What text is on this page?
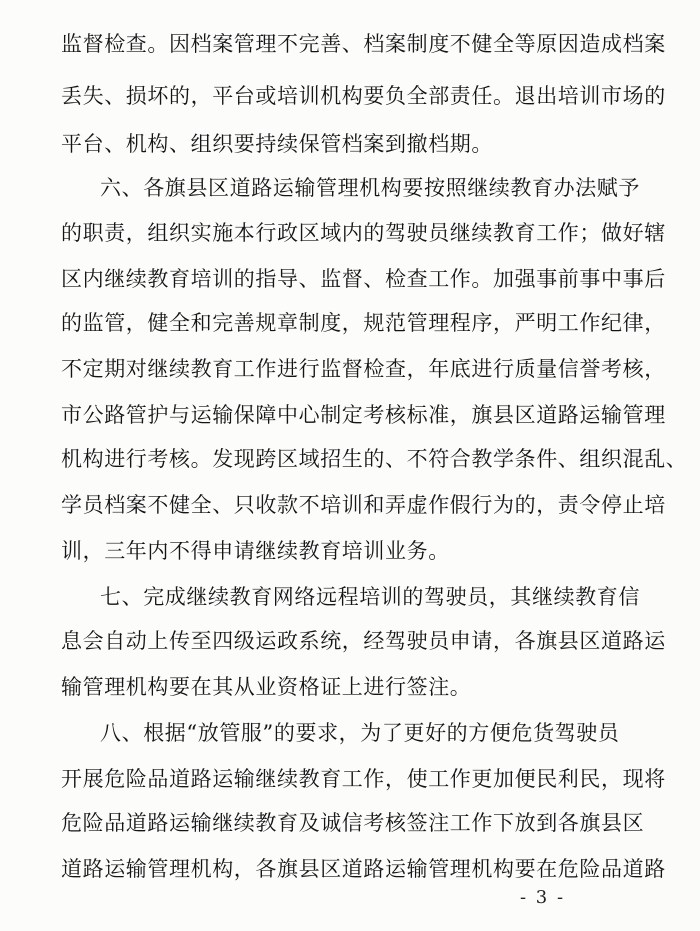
监督检查。因档案管理不完善、档案制度不健全等原因造成档案
丢失、损坏的，平台或培训机构要负全部责任。退出培训市场的
平台、机构、组织要持续保管档案到撤档期。
六、各旗县区道路运输管理机构要按照继续教育办法赋予
的职责，组织实施本行政区域内的驾驶员继续教育工作；做好辖
区内继续教育培训的指导、监督、检查工作。加强事前事中事后
的监管，健全和完善规章制度，规范管理程序，严明工作纪律，
不定期对继续教育工作进行监督检查，年底进行质量信誉考核，
市公路管护与运输保障中心制定考核标准，旗县区道路运输管理
机构进行考核。发现跨区域招生的、不符合教学条件、组织混乱、
学员档案不健全、只收款不培训和弄虚作假行为的，责令停止培
训，三年内不得申请继续教育培训业务。
七、完成继续教育网络远程培训的驾驶员，其继续教育信
息会自动上传至四级运政系统，经驾驶员申请，各旗县区道路运
输管理机构要在其从业资格证上进行签注。
八、根据“放管服”的要求，为了更好的方便危货驾驶员
开展危险品道路运输继续教育工作，使工作更加便民利民，现将
危险品道路运输继续教育及诚信考核签注工作下放到各旗县区
道路运输管理机构，各旗县区道路运输管理机构要在危险品道路
- 3 -
